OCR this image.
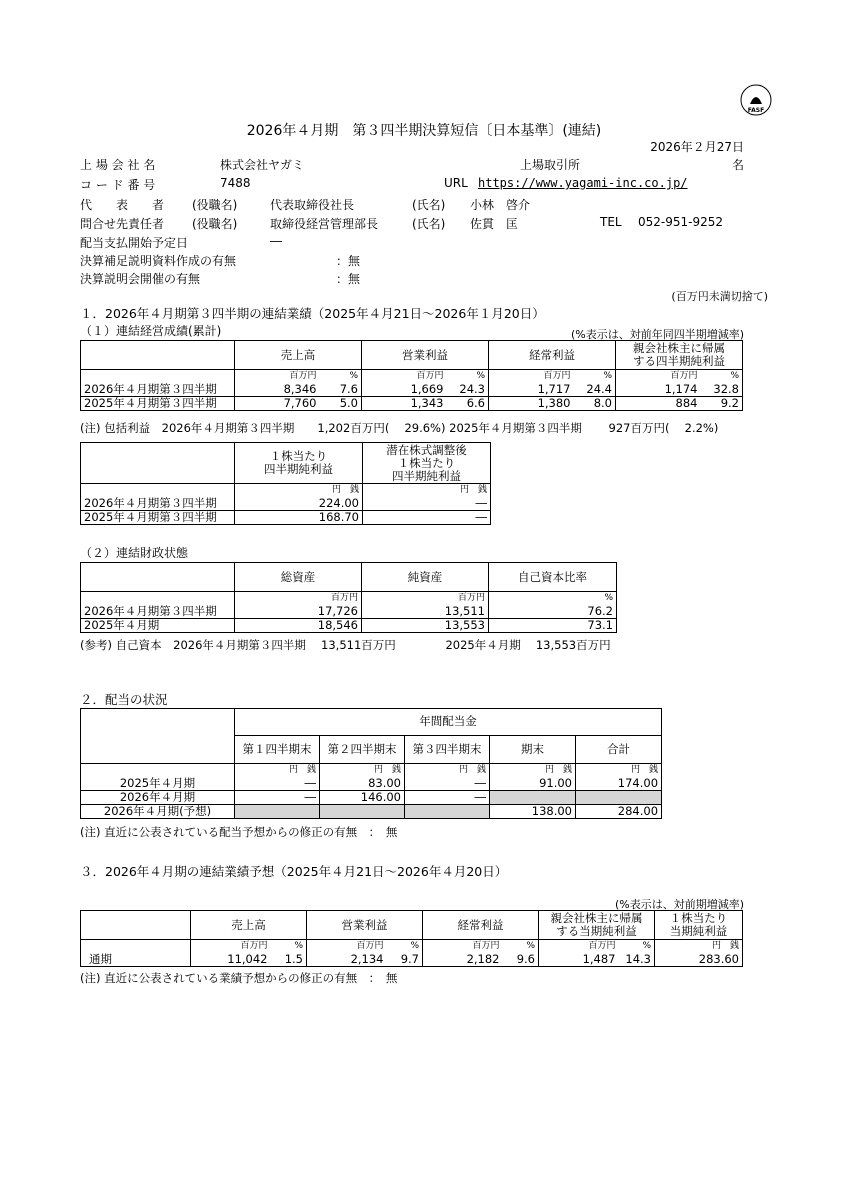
FASF
2026年４月期　第３四半期決算短信〔日本基準〕(連結)
2026年２月27日
上 場 会 社 名	株式会社ヤガミ	上場取引所	名
コ ー ド 番 号	7488	URL https://www.yagami-inc.co.jp/
代　　表　　者 (役職名)	代表取締役社長	(氏名) 小林　啓介
問合せ先責任者 (役職名)	取締役経営管理部長	(氏名) 佐貫　匡	TEL 052-951-9252
配当支払開始予定日	―
決算補足説明資料作成の有無	：無
決算説明会開催の有無	：無
(百万円未満切捨て)
１．2026年４月期第３四半期の連結業績（2025年４月21日～2026年１月20日）
（１）連結経営成績(累計)	(%表示は、対前年同四半期増減率)
	売上高		営業利益		経常利益		親会社株主に帰属
する四半期純利益	
	百万円	%	百万円	%	百万円	%	百万円	%
2026年４月期第３四半期	8,346	7.6	1,669	24.3	1,717	24.4	1,174	32.8
2025年４月期第３四半期	7,760	5.0	1,343	6.6	1,380	8.0	884	9.2
(注) 包括利益　2026年４月期第３四半期　　1,202百万円(　 29.6%) 2025年４月期第３四半期　　 927百万円(　 2.2%)
	１株当たり
四半期純利益	潜在株式調整後
１株当たり
四半期純利益
	円　銭	円　銭
2026年４月期第３四半期	224.00	―
2025年４月期第３四半期	168.70	―
（２）連結財政状態
	総資産	純資産	自己資本比率
	百万円	百万円	%
2026年４月期第３四半期	17,726	13,511	76.2
2025年４月期	18,546	13,553	73.1
(参考) 自己資本　2026年４月期第３四半期　 13,511百万円　　　　 2025年４月期　 13,553百万円
２．配当の状況
	年間配当金				
	第１四半期末	第２四半期末	第３四半期末	期末	合計
	円　銭	円　銭	円　銭	円　銭	円　銭
2025年４月期	―	83.00	―	91.00	174.00
2026年４月期	―	146.00	―		
2026年４月期(予想)				138.00	284.00
(注) 直近に公表されている配当予想からの修正の有無　：　無
３．2026年４月期の連結業績予想（2025年４月21日～2026年４月20日）
(%表示は、対前期増減率)
	売上高		営業利益		経常利益		親会社株主に帰属
する当期純利益		１株当たり
当期純利益
	百万円	%	百万円	%	百万円	%	百万円	%	円　銭
通期	11,042	1.5	2,134	9.7	2,182	9.6	1,487	14.3	283.60
(注) 直近に公表されている業績予想からの修正の有無　：　無
